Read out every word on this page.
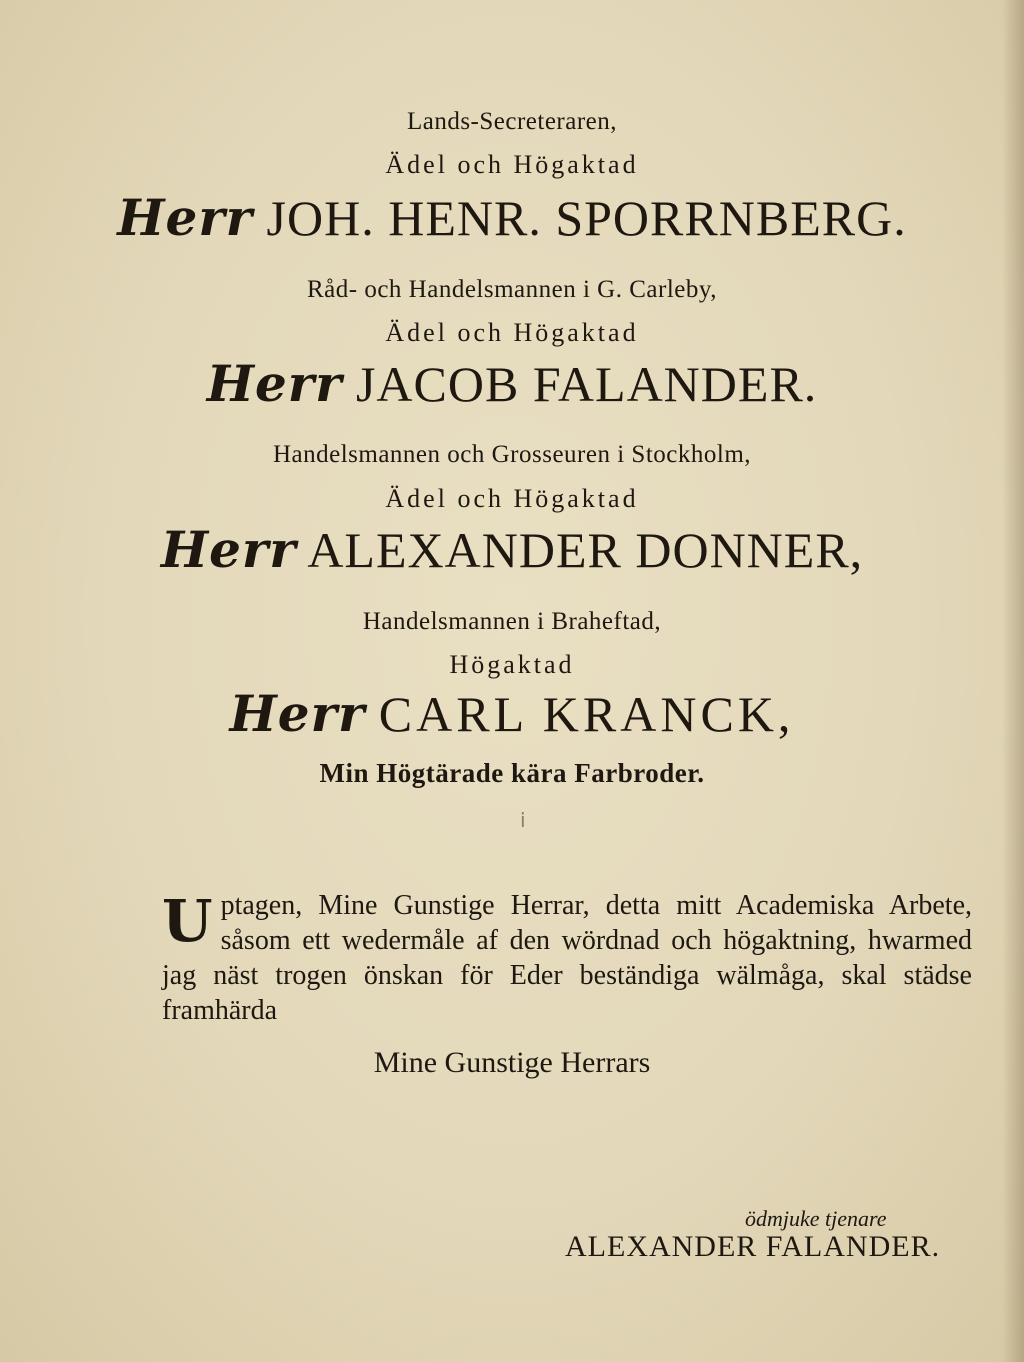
Lands-Secreteraren,
Ädel och Högaktad
Herr JOH. HENR. SPORRNBERG.
Råd- och Handelsmannen i G. Carleby,
Ädel och Högaktad
Herr JACOB FALANDER.
Handelsmannen och Grosseuren i Stockholm,
Ädel och Högaktad
Herr ALEXANDER DONNER,
Handelsmannen i Braheftad,
Högaktad
Herr CARL KRANCK,
Min Högtärade kära Farbroder.
ⅰ
Uptagen, Mine Gunstige Herrar, detta mitt Academiska Arbete, såsom ett wedermåle af den wördnad och högaktning, hwarmed jag näst trogen önskan för Eder beständiga wälmåga, skal städse framhärda
Mine Gunstige Herrars
ödmjuke tjenare
ALEXANDER FALANDER.
